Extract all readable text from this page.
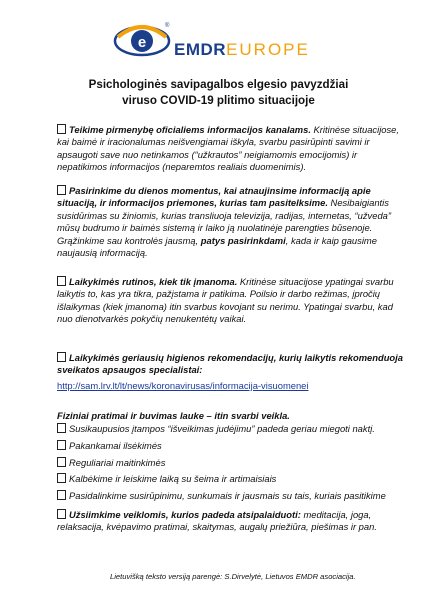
e
®
EMDREUROPE
Psichologinės savipagalbos elgesio pavyzdžiai
viruso COVID-19 plitimo situacijoje
Teikime pirmenybę oficialiems informacijos kanalams. Kritinėse situacijose, kai baimė ir iracionalumas neišvengiamai iškyla, svarbu pasirūpinti savimi ir apsaugoti save nuo netinkamos (“užkrautos” neigiamomis emocijomis) ir nepatikimos informacijos (neparemtos realiais duomenimis).
Pasirinkime du dienos momentus, kai atnaujinsime informaciją apie situaciją, ir informacijos priemones, kurias tam pasitelksime. Nesibaigiantis susidūrimas su žiniomis, kurias transliuoja televizija, radijas, internetas, “užveda” mūsų budrumo ir baimės sistemą ir laiko ją nuolatinėje parengties būsenoje. Grąžinkime sau kontrolės jausmą, patys pasirinkdami, kada ir kaip gausime naujausią informaciją.
Laikykimės rutinos, kiek tik įmanoma. Kritinėse situacijose ypatingai svarbu laikytis to, kas yra tikra, pažįstama ir patikima. Poilsio ir darbo režimas, įpročių išlaikymas (kiek įmanoma) itin svarbus kovojant su nerimu. Ypatingai svarbu, kad nuo dienotvarkės pokyčių nenukentėtų vaikai.
Laikykimės geriausių higienos rekomendacijų, kurių laikytis rekomenduoja sveikatos apsaugos specialistai:
http://sam.lrv.lt/lt/news/koronavirusas/informacija-visuomenei
Fiziniai pratimai ir buvimas lauke – itin svarbi veikla.
Susikaupusios įtampos “išveikimas judėjimu” padeda geriau miegoti naktį.
Pakankamai ilsėkimės
Reguliariai maitinkimės
Kalbėkime ir leiskime laiką su šeima ir artimaisiais
Pasidalinkime susirūpinimu, sunkumais ir jausmais su tais, kuriais pasitikime
Užsiimkime veiklomis, kurios padeda atsipalaiduoti: meditacija, joga, relaksacija, kvėpavimo pratimai, skaitymas, augalų priežiūra, piešimas ir pan.
Lietuvišką teksto versiją parengė: S.Dirvelytė, Lietuvos EMDR asociacija.
